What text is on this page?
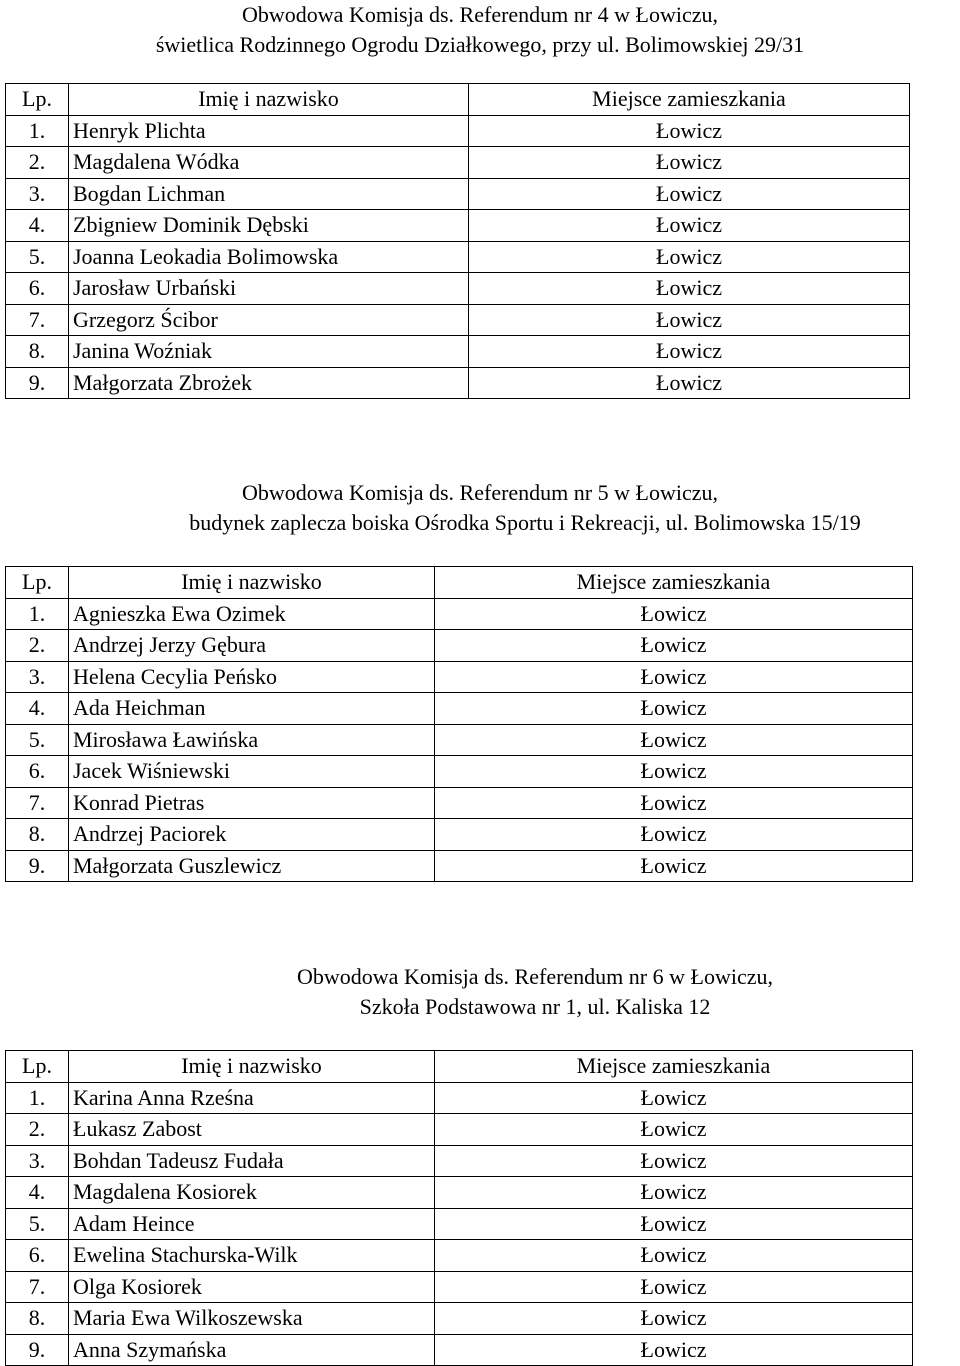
Obwodowa Komisja ds. Referendum nr 4 w Łowiczu,
świetlica Rodzinnego Ogrodu Działkowego, przy ul. Bolimowskiej 29/31
Lp.	Imię i nazwisko	Miejsce zamieszkania
1.	Henryk Plichta	Łowicz
2.	Magdalena Wódka	Łowicz
3.	Bogdan Lichman	Łowicz
4.	Zbigniew Dominik Dębski	Łowicz
5.	Joanna Leokadia Bolimowska	Łowicz
6.	Jarosław Urbański	Łowicz
7.	Grzegorz Ścibor	Łowicz
8.	Janina Woźniak	Łowicz
9.	Małgorzata Zbrożek	Łowicz
Obwodowa Komisja ds. Referendum nr 5 w Łowiczu,
budynek zaplecza boiska Ośrodka Sportu i Rekreacji, ul. Bolimowska 15/19
Lp.	Imię i nazwisko	Miejsce zamieszkania
1.	Agnieszka Ewa Ozimek	Łowicz
2.	Andrzej Jerzy Gębura	Łowicz
3.	Helena Cecylia Peńsko	Łowicz
4.	Ada Heichman	Łowicz
5.	Mirosława Ławińska	Łowicz
6.	Jacek Wiśniewski	Łowicz
7.	Konrad Pietras	Łowicz
8.	Andrzej Paciorek	Łowicz
9.	Małgorzata Guszlewicz	Łowicz
Obwodowa Komisja ds. Referendum nr 6 w Łowiczu,
Szkoła Podstawowa nr 1, ul. Kaliska 12
Lp.	Imię i nazwisko	Miejsce zamieszkania
1.	Karina Anna Rześna	Łowicz
2.	Łukasz Zabost	Łowicz
3.	Bohdan Tadeusz Fudała	Łowicz
4.	Magdalena Kosiorek	Łowicz
5.	Adam Heince	Łowicz
6.	Ewelina Stachurska-Wilk	Łowicz
7.	Olga Kosiorek	Łowicz
8.	Maria Ewa Wilkoszewska	Łowicz
9.	Anna Szymańska	Łowicz
